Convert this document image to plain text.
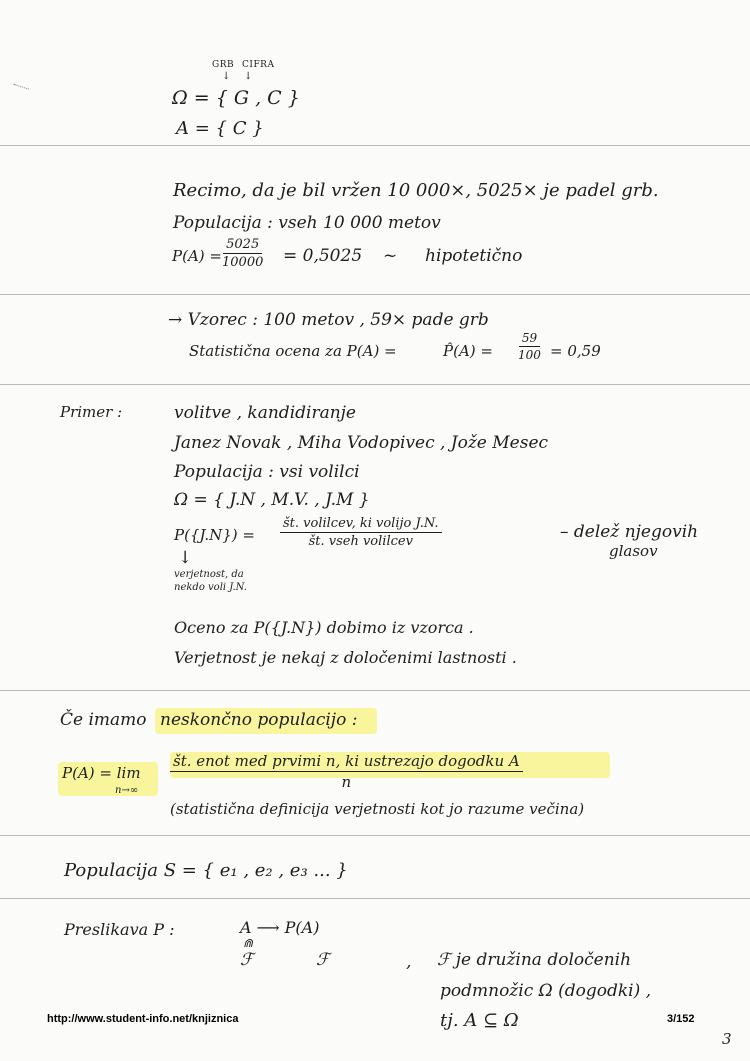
GRB CIFRA
↓ ↓
Ω = { G , C }
A = { C }
Recimo, da je bil vržen 10 000×, 5025× je padel grb.
Populacija : vseh 10 000 metov
$P(A) = \frac{5025}{10000} = 0,5025$ ~ hipotetično
→ Vzorec : 100 metov , 59× pade grb
Statistična ocena za P(A) =	P̂(A) = $\frac{59}{100} = 0,59$
Primer :	volitve , kandidiranje
Janez Novak , Miha Vodopivec , Jože Mesec
Populacija : vsi volilci
Ω = { J.N , M.V. , J.M }
P({J.N}) =
št. volilcev, ki volijo J.N.
št. vseh volilcev	– delež njegovih
glasov
↓
verjetnost, da
nekdo voli J.N.
Oceno za P({J.N}) dobimo iz vzorca .
Verjetnost je nekaj z določenimi lastnosti .
Če imamo neskončno populacijo :
P(A) = lim
n→∞
št. enot med prvimi n, ki ustrezajo dogodku A
n
(statistična definicija verjetnosti kot jo razume večina)
Populacija S = { e₁ , e₂ , e₃ ... }
Preslikava P :	A ⟶ P(A)
⋒
ℱ	ℱ	, ℱ je družina določenih
podmnožic Ω (dogodki) ,
tj. A ⊆ Ω
http://www.student-info.net/knjiznica	3/152
3
